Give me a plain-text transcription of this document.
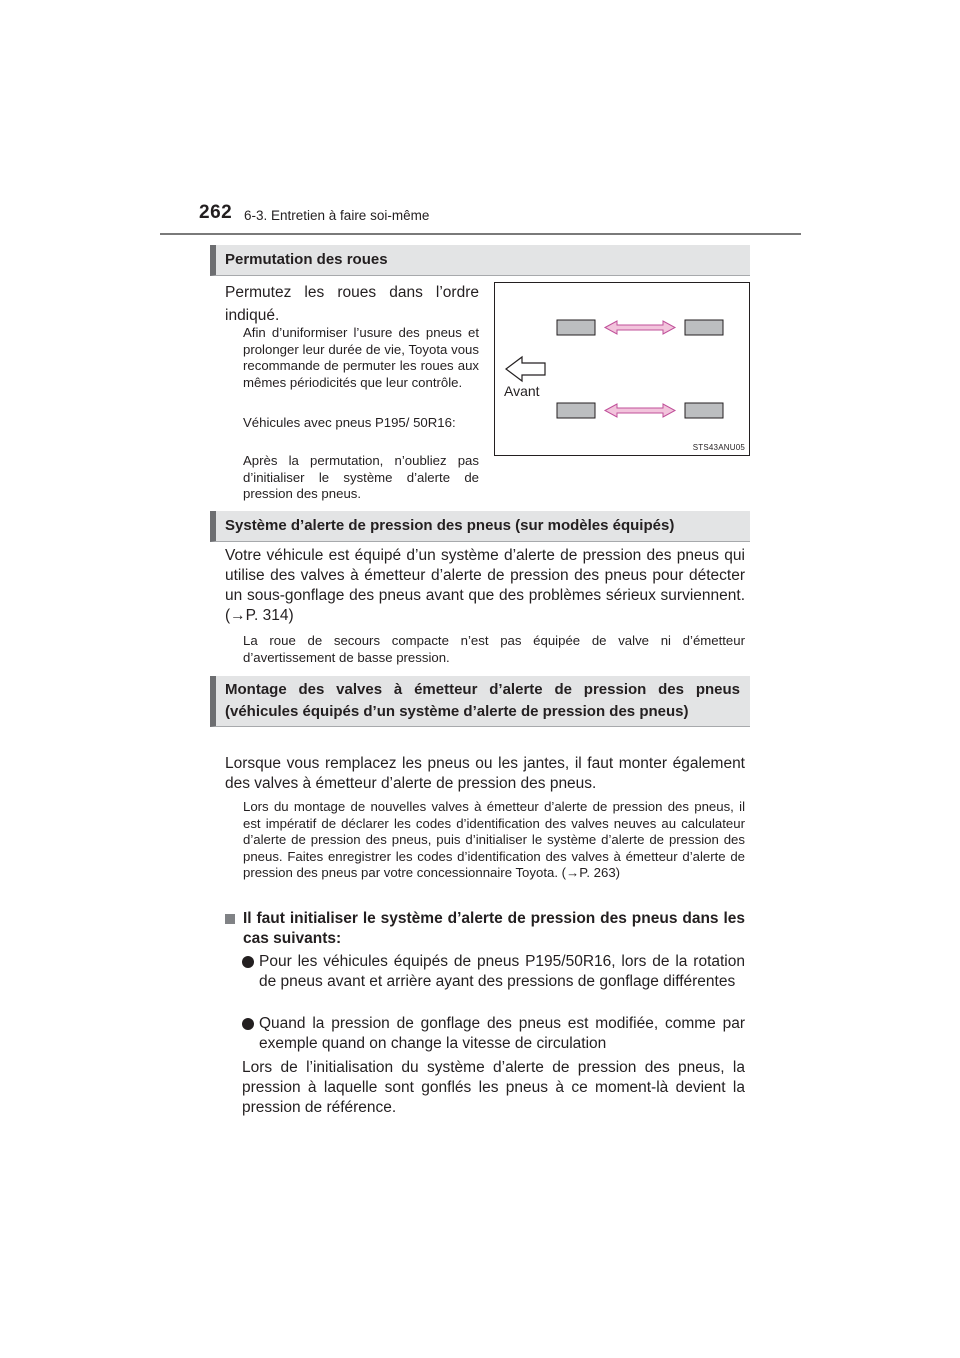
262 6-3. Entretien à faire soi-même
Permutation des roues
Permutez les roues dans l’ordre indiqué.
Afin d’uniformiser l’usure des pneus et prolonger leur durée de vie, Toyota vous recommande de permuter les roues aux mêmes périodicités que leur contrôle.
Véhicules avec pneus P195/ 50R16:
Après la permutation, n’oubliez pas d’initialiser le système d’alerte de pression des pneus.
Avant
STS43ANU05
Système d’alerte de pression des pneus (sur modèles équipés)
Votre véhicule est équipé d’un système d’alerte de pression des pneus qui utilise des valves à émetteur d’alerte de pression des pneus pour détecter un sous-gonflage des pneus avant que des problèmes sérieux surviennent. (→P. 314)
La roue de secours compacte n’est pas équipée de valve ni d’émetteur d’avertissement de basse pression.
Montage des valves à émetteur d’alerte de pression des pneus (véhicules équipés d’un système d’alerte de pression des pneus)
Lorsque vous remplacez les pneus ou les jantes, il faut monter également des valves à émetteur d’alerte de pression des pneus.
Lors du montage de nouvelles valves à émetteur d’alerte de pression des pneus, il est impératif de déclarer les codes d’identification des valves neuves au calculateur d’alerte de pression des pneus, puis d’initialiser le système d’alerte de pression des pneus. Faites enregistrer les codes d’identification des valves à émetteur d’alerte de pression des pneus par votre concessionnaire Toyota. (→P. 263)
Il faut initialiser le système d’alerte de pression des pneus dans les cas suivants:
Pour les véhicules équipés de pneus P195/50R16, lors de la rotation de pneus avant et arrière ayant des pressions de gonflage différentes
Quand la pression de gonflage des pneus est modifiée, comme par exemple quand on change la vitesse de circulation
Lors de l’initialisation du système d’alerte de pression des pneus, la pression à laquelle sont gonflés les pneus à ce moment-là devient la pression de référence.
